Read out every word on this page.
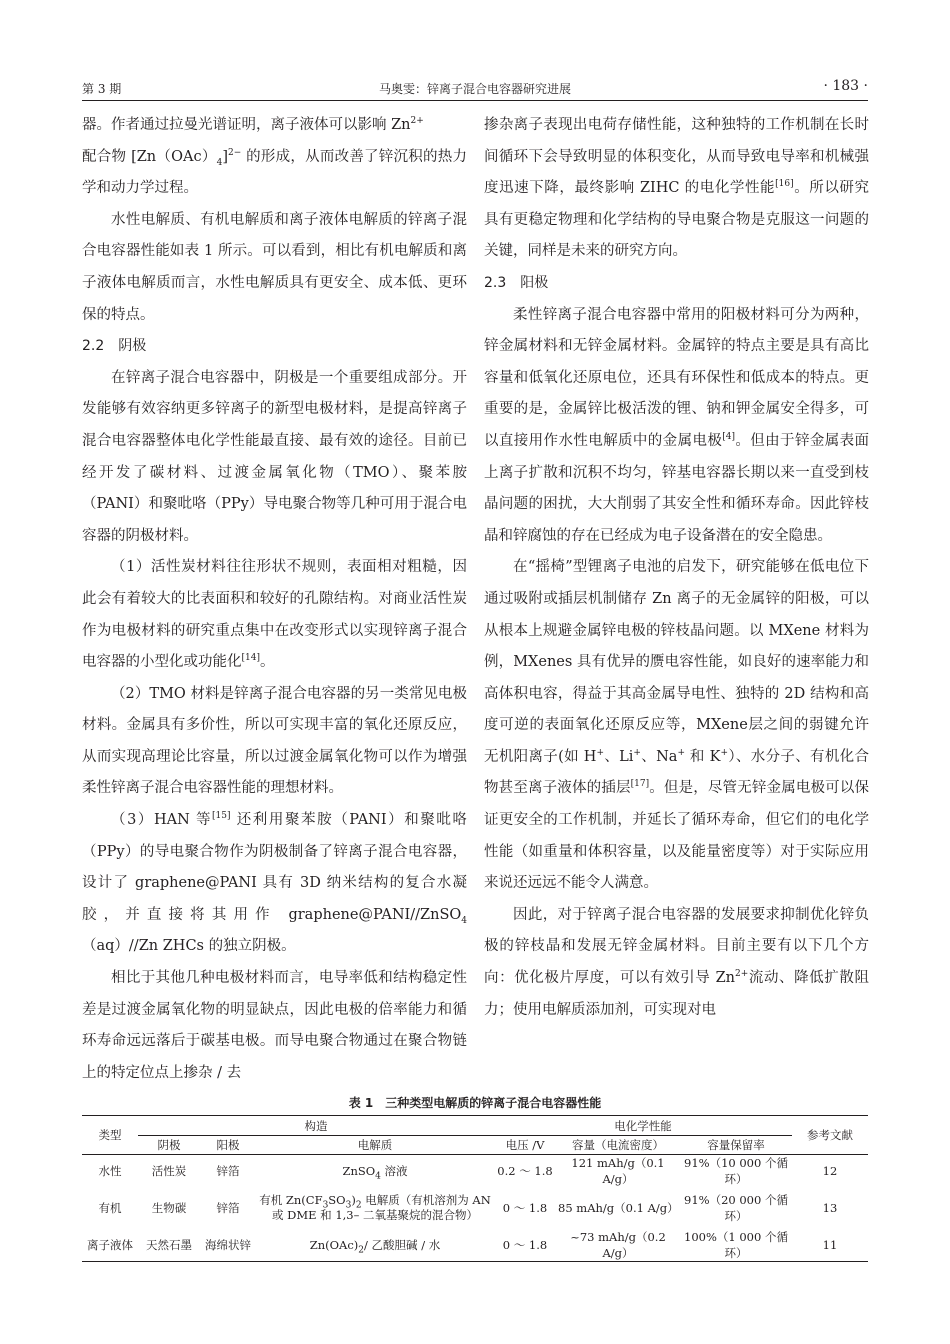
第 3 期	马奥雯：锌离子混合电容器研究进展	· 183 ·

器。作者通过拉曼光谱证明，离子液体可以影响 $Zn^{2+}$
配合物 $[Zn(OAc)_4]^{2-}$ 的形成，从而改善了锌沉积的热力学和动力学过程。

水性电解质、有机电解质和离子液体电解质的锌离子混合电容器性能如表 1 所示。可以看到，相比有机电解质和离子液体电解质而言，水性电解质具有更安全、成本低、更环保的特点。

2.2　阴极

在锌离子混合电容器中，阴极是一个重要组成部分。开发能够有效容纳更多锌离子的新型电极材料，是提高锌离子混合电容器整体电化学性能最直接、最有效的途径。目前已经开发了碳材料、过渡金属氧化物（TMO）、聚苯胺（PANI）和聚吡咯（PPy）导电聚合物等几种可用于混合电容器的阴极材料。

（1）活性炭材料往往形状不规则，表面相对粗糙，因此会有着较大的比表面积和较好的孔隙结构。对商业活性炭作为电极材料的研究重点集中在改变形式以实现锌离子混合电容器的小型化或功能化[14]。

（2）TMO 材料是锌离子混合电容器的另一类常见电极材料。金属具有多价性，所以可实现丰富的氧化还原反应，从而实现高理论比容量，所以过渡金属氧化物可以作为增强柔性锌离子混合电容器性能的理想材料。

（3）HAN 等[15] 还利用聚苯胺（PANI）和聚吡咯（PPy）的导电聚合物作为阴极制备了锌离子混合电容器，设计了 graphene@PANI 具有 3D 纳米结构的复合水凝胶，并直接将其用作 graphene@PANI//ZnSO$_4$（aq）//Zn ZHCs 的独立阴极。

相比于其他几种电极材料而言，电导率低和结构稳定性差是过渡金属氧化物的明显缺点，因此电极的倍率能力和循环寿命远远落后于碳基电极。而导电聚合物通过在聚合物链上的特定位点上掺杂 / 去

掺杂离子表现出电荷存储性能，这种独特的工作机制在长时间循环下会导致明显的体积变化，从而导致电导率和机械强度迅速下降，最终影响 ZIHC 的电化学性能[16]。所以研究具有更稳定物理和化学结构的导电聚合物是克服这一问题的关键，同样是未来的研究方向。

2.3　阳极

柔性锌离子混合电容器中常用的阳极材料可分为两种，锌金属材料和无锌金属材料。金属锌的特点主要是具有高比容量和低氧化还原电位，还具有环保性和低成本的特点。更重要的是，金属锌比极活泼的锂、钠和钾金属安全得多，可以直接用作水性电解质中的金属电极[4]。但由于锌金属表面上离子扩散和沉积不均匀，锌基电容器长期以来一直受到枝晶问题的困扰，大大削弱了其安全性和循环寿命。因此锌枝晶和锌腐蚀的存在已经成为电子设备潜在的安全隐患。

在“摇椅”型锂离子电池的启发下，研究能够在低电位下通过吸附或插层机制储存 Zn 离子的无金属锌的阳极，可以从根本上规避金属锌电极的锌枝晶问题。以 MXene 材料为例，MXenes 具有优异的赝电容性能，如良好的速率能力和高体积电容，得益于其高金属导电性、独特的 2D 结构和高度可逆的表面氧化还原反应等，MXene层之间的弱键允许无机阳离子(如 H+、Li+、Na+ 和 K+）、水分子、有机化合物甚至离子液体的插层[17]。但是，尽管无锌金属电极可以保证更安全的工作机制，并延长了循环寿命，但它们的电化学性能（如重量和体积容量，以及能量密度等）对于实际应用来说还远远不能令人满意。

因此，对于锌离子混合电容器的发展要求抑制优化锌负极的锌枝晶和发展无锌金属材料。目前主要有以下几个方向：优化极片厚度，可以有效引导 $Zn^{2+}$流动、降低扩散阻力；使用电解质添加剂，可实现对电

表 1　三种类型电解质的锌离子混合电容器性能
类型	构造			电化学性能			参考文献
	阴极	阳极	电解质	电压 /V	容量（电流密度）	容量保留率	
水性	活性炭	锌箔	ZnSO$_4$ 溶液	0.2 ～ 1.8	121 mAh/g（0.1 A/g）	91%（10 000 个循环）	12
有机	生物碳	锌箔	有机 $Zn(CF_3SO_3)_2$ 电解质（有机溶剂为 AN
或 DME 和 1,3– 二氧基聚烷的混合物）	0 ～ 1.8	85 mAh/g（0.1 A/g）	91%（20 000 个循环）	13
离子液体	天然石墨	海绵状锌	$Zn(OAc)_2/$ 乙酸胆碱 / 水	0 ～ 1.8	~73 mAh/g（0.2 A/g）	100%（1 000 个循环）	11
